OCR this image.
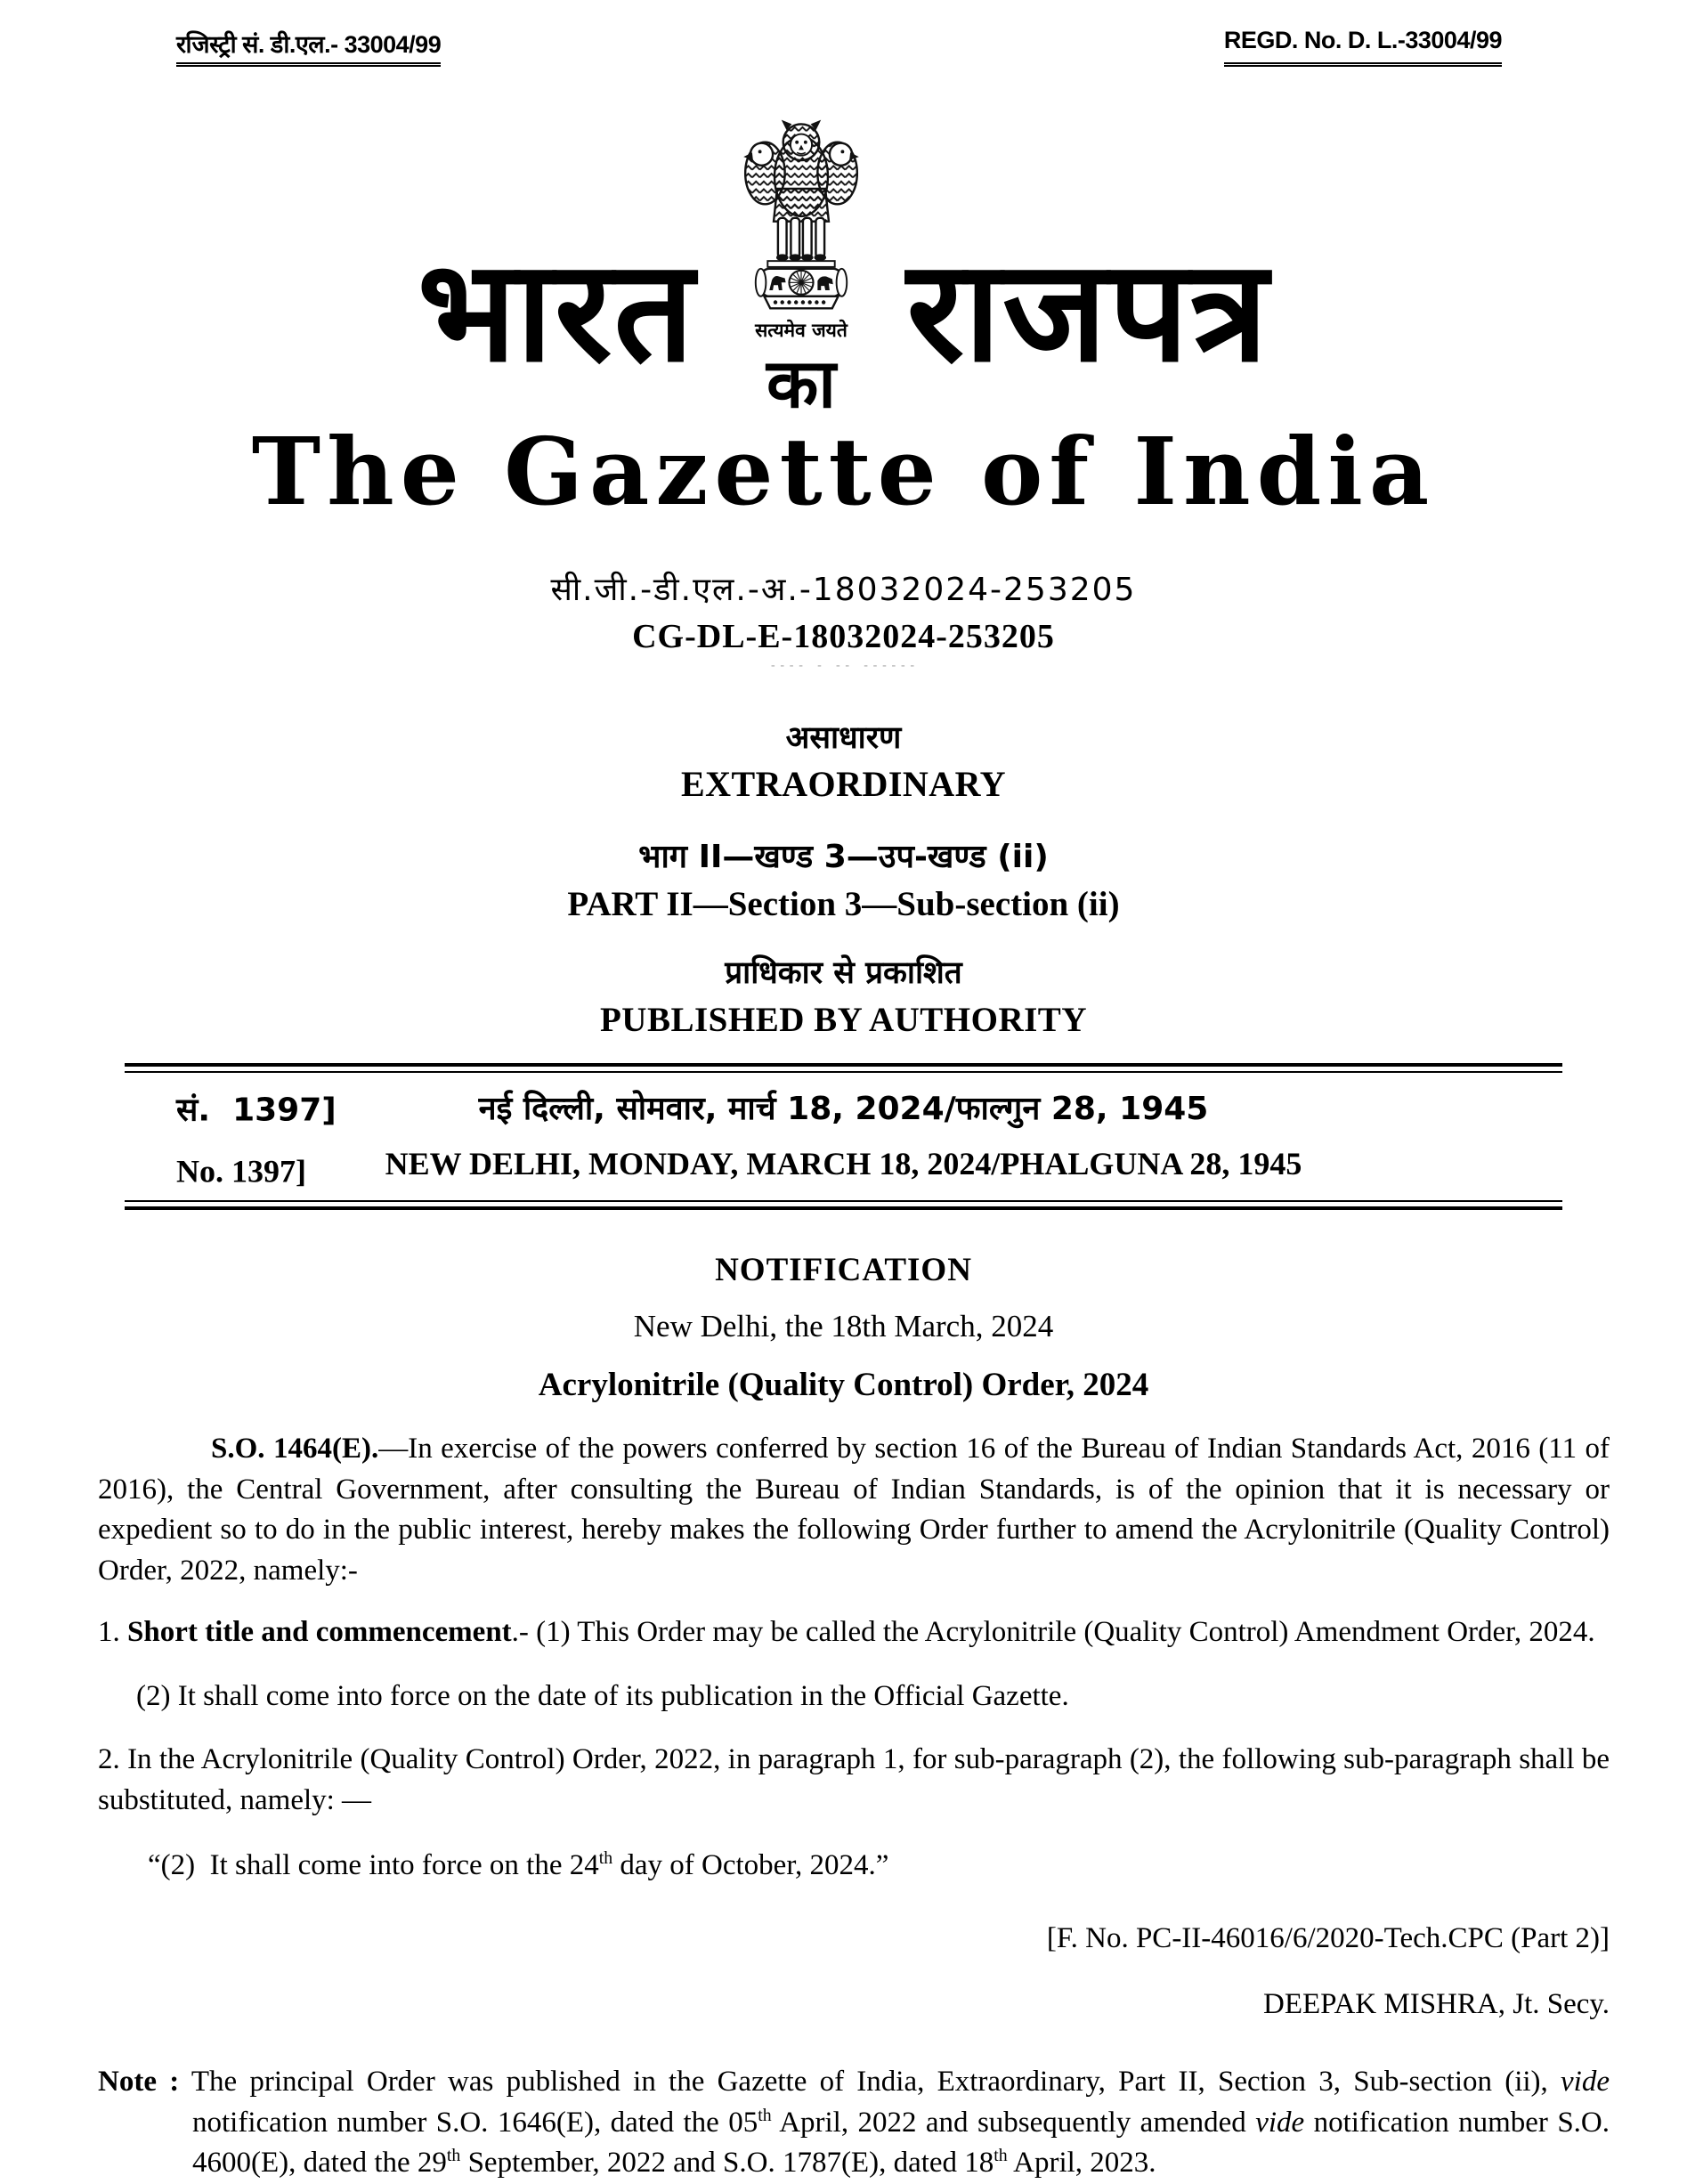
रजिस्ट्री सं. डी.एल.- 33004/99	REGD. No. D. L.-33004/99
भारत	सत्यमेव जयते
का राजपत्र
The Gazette of India
सी.जी.-डी.एल.-अ.-18032024-253205
CG-DL-E-18032024-253205
---- - -- ------
असाधारण
EXTRAORDINARY
भाग II—खण्ड 3—उप-खण्ड (ii)
PART II—Section 3—Sub-section (ii)
प्राधिकार से प्रकाशित
PUBLISHED BY AUTHORITY
सं.  1397]	नई दिल्ली, सोमवार, मार्च 18, 2024/फाल्गुन 28, 1945
No. 1397]	NEW DELHI, MONDAY, MARCH 18, 2024/PHALGUNA 28, 1945
NOTIFICATION
New Delhi, the 18th March, 2024
Acrylonitrile (Quality Control) Order, 2024

S.O. 1464(E).—In exercise of the powers conferred by section 16 of the Bureau of Indian Standards Act, 2016 (11 of 2016), the Central Government, after consulting the Bureau of Indian Standards, is of the opinion that it is necessary or expedient so to do in the public interest, hereby makes the following Order further to amend the Acrylonitrile (Quality Control) Order, 2022, namely:-

1. Short title and commencement.- (1) This Order may be called the Acrylonitrile (Quality Control) Amendment Order, 2024.

(2) It shall come into force on the date of its publication in the Official Gazette.

2. In the Acrylonitrile (Quality Control) Order, 2022, in paragraph 1, for sub-paragraph (2), the following sub-paragraph shall be substituted, namely: —

“(2)  It shall come into force on the 24th day of October, 2024.”

[F. No. PC-II-46016/6/2020-Tech.CPC (Part 2)]

DEEPAK MISHRA, Jt. Secy.

Note : The principal Order was published in the Gazette of India, Extraordinary, Part II, Section 3, Sub-section (ii), vide notification number S.O. 1646(E), dated the 05th April, 2022 and subsequently amended vide notification number S.O. 4600(E), dated the 29th September, 2022 and S.O. 1787(E), dated 18th April, 2023.
